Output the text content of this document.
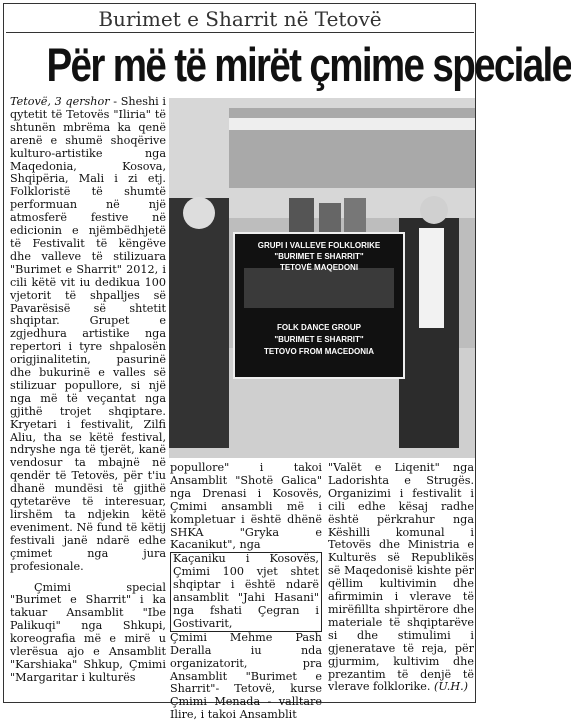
Burimet e Sharrit në Tetovë
Për më të mirët çmime speciale

Tetovë, 3 qershor - Sheshi i qytetit të Tetovës "Iliria" të shtunën mbrëma ka qenë arenë e shumë shoqërive kulturo-artistike nga Maqedonia, Kosova, Shqipëria, Mali i zi etj. Folkloristë të shumtë performuan në një atmosferë festive në edicionin e njëmbëdhjetë të Festivalit të këngëve dhe valleve të stilizuara "Burimet e Sharrit" 2012, i cili këtë vit iu dedikua 100 vjetorit të shpalljes së Pavarësisë së shtetit shqiptar. Grupet e zgjedhura artistike nga repertori i tyre shpalosën origjinalitetin, pasurinë dhe bukurinë e valles së stilizuar popullore, si një nga më të veçantat nga gjithë trojet shqiptare. Kryetari i festivalit, Zilfi Aliu, tha se këtë festival, ndryshe nga të tjerët, kanë vendosur ta mbajnë në qendër të Tetovës, për t'iu dhanë mundësi të gjithë qytetarëve të interesuar, lirshëm ta ndjekin këtë eveniment. Në fund të këtij festivali janë ndarë edhe çmimet nga jura profesionale.

Çmimi special "Burimet e Sharrit" i ka takuar Ansamblit "Ibe Palikuqi" nga Shkupi, koreografia më e mirë u vlerësua ajo e Ansamblit "Karshiaka" Shkup, Çmimi "Margaritar i kulturës

GRUPI I VALLEVE FOLKLORIKE
"BURIMET E SHARRIT"
TETOVË MAQEDONI
FOLK DANCE GROUP
"BURIMET E SHARRIT"
TETOVO FROM MACEDONIA

popullore" i takoi Ansamblit "Shotë Galica" nga Drenasi i Kosovës, Çmimi ansambli më i kompletuar i është dhënë SHKA "Gryka e Kacanikut", nga

Kaçaniku i Kosovës, Çmimi 100 vjet shtet shqiptar i është ndarë ansamblit "Jahi Hasani" nga fshati Çegran i Gostivarit,

Çmimi Mehme Pash Deralla iu nda organizatorit, pra Ansamblit "Burimet e Sharrit"- Tetovë, kurse Çmimi Menada - valltare Ilire, i takoi Ansamblit

"Valët e Liqenit" nga Ladorishta e Strugës. Organizimi i festivalit i cili edhe kësaj radhe është përkrahur nga Këshilli komunal i Tetovës dhe Ministria e Kulturës së Republikës së Maqedonisë kishte për qëllim kultivimin dhe afirmimin i vlerave të mirëfillta shpirtërore dhe materiale të shqiptarëve si dhe stimulimi i gjeneratave të reja, për gjurmim, kultivim dhe prezantim të denjë të vlerave folklorike. (U.H.)
